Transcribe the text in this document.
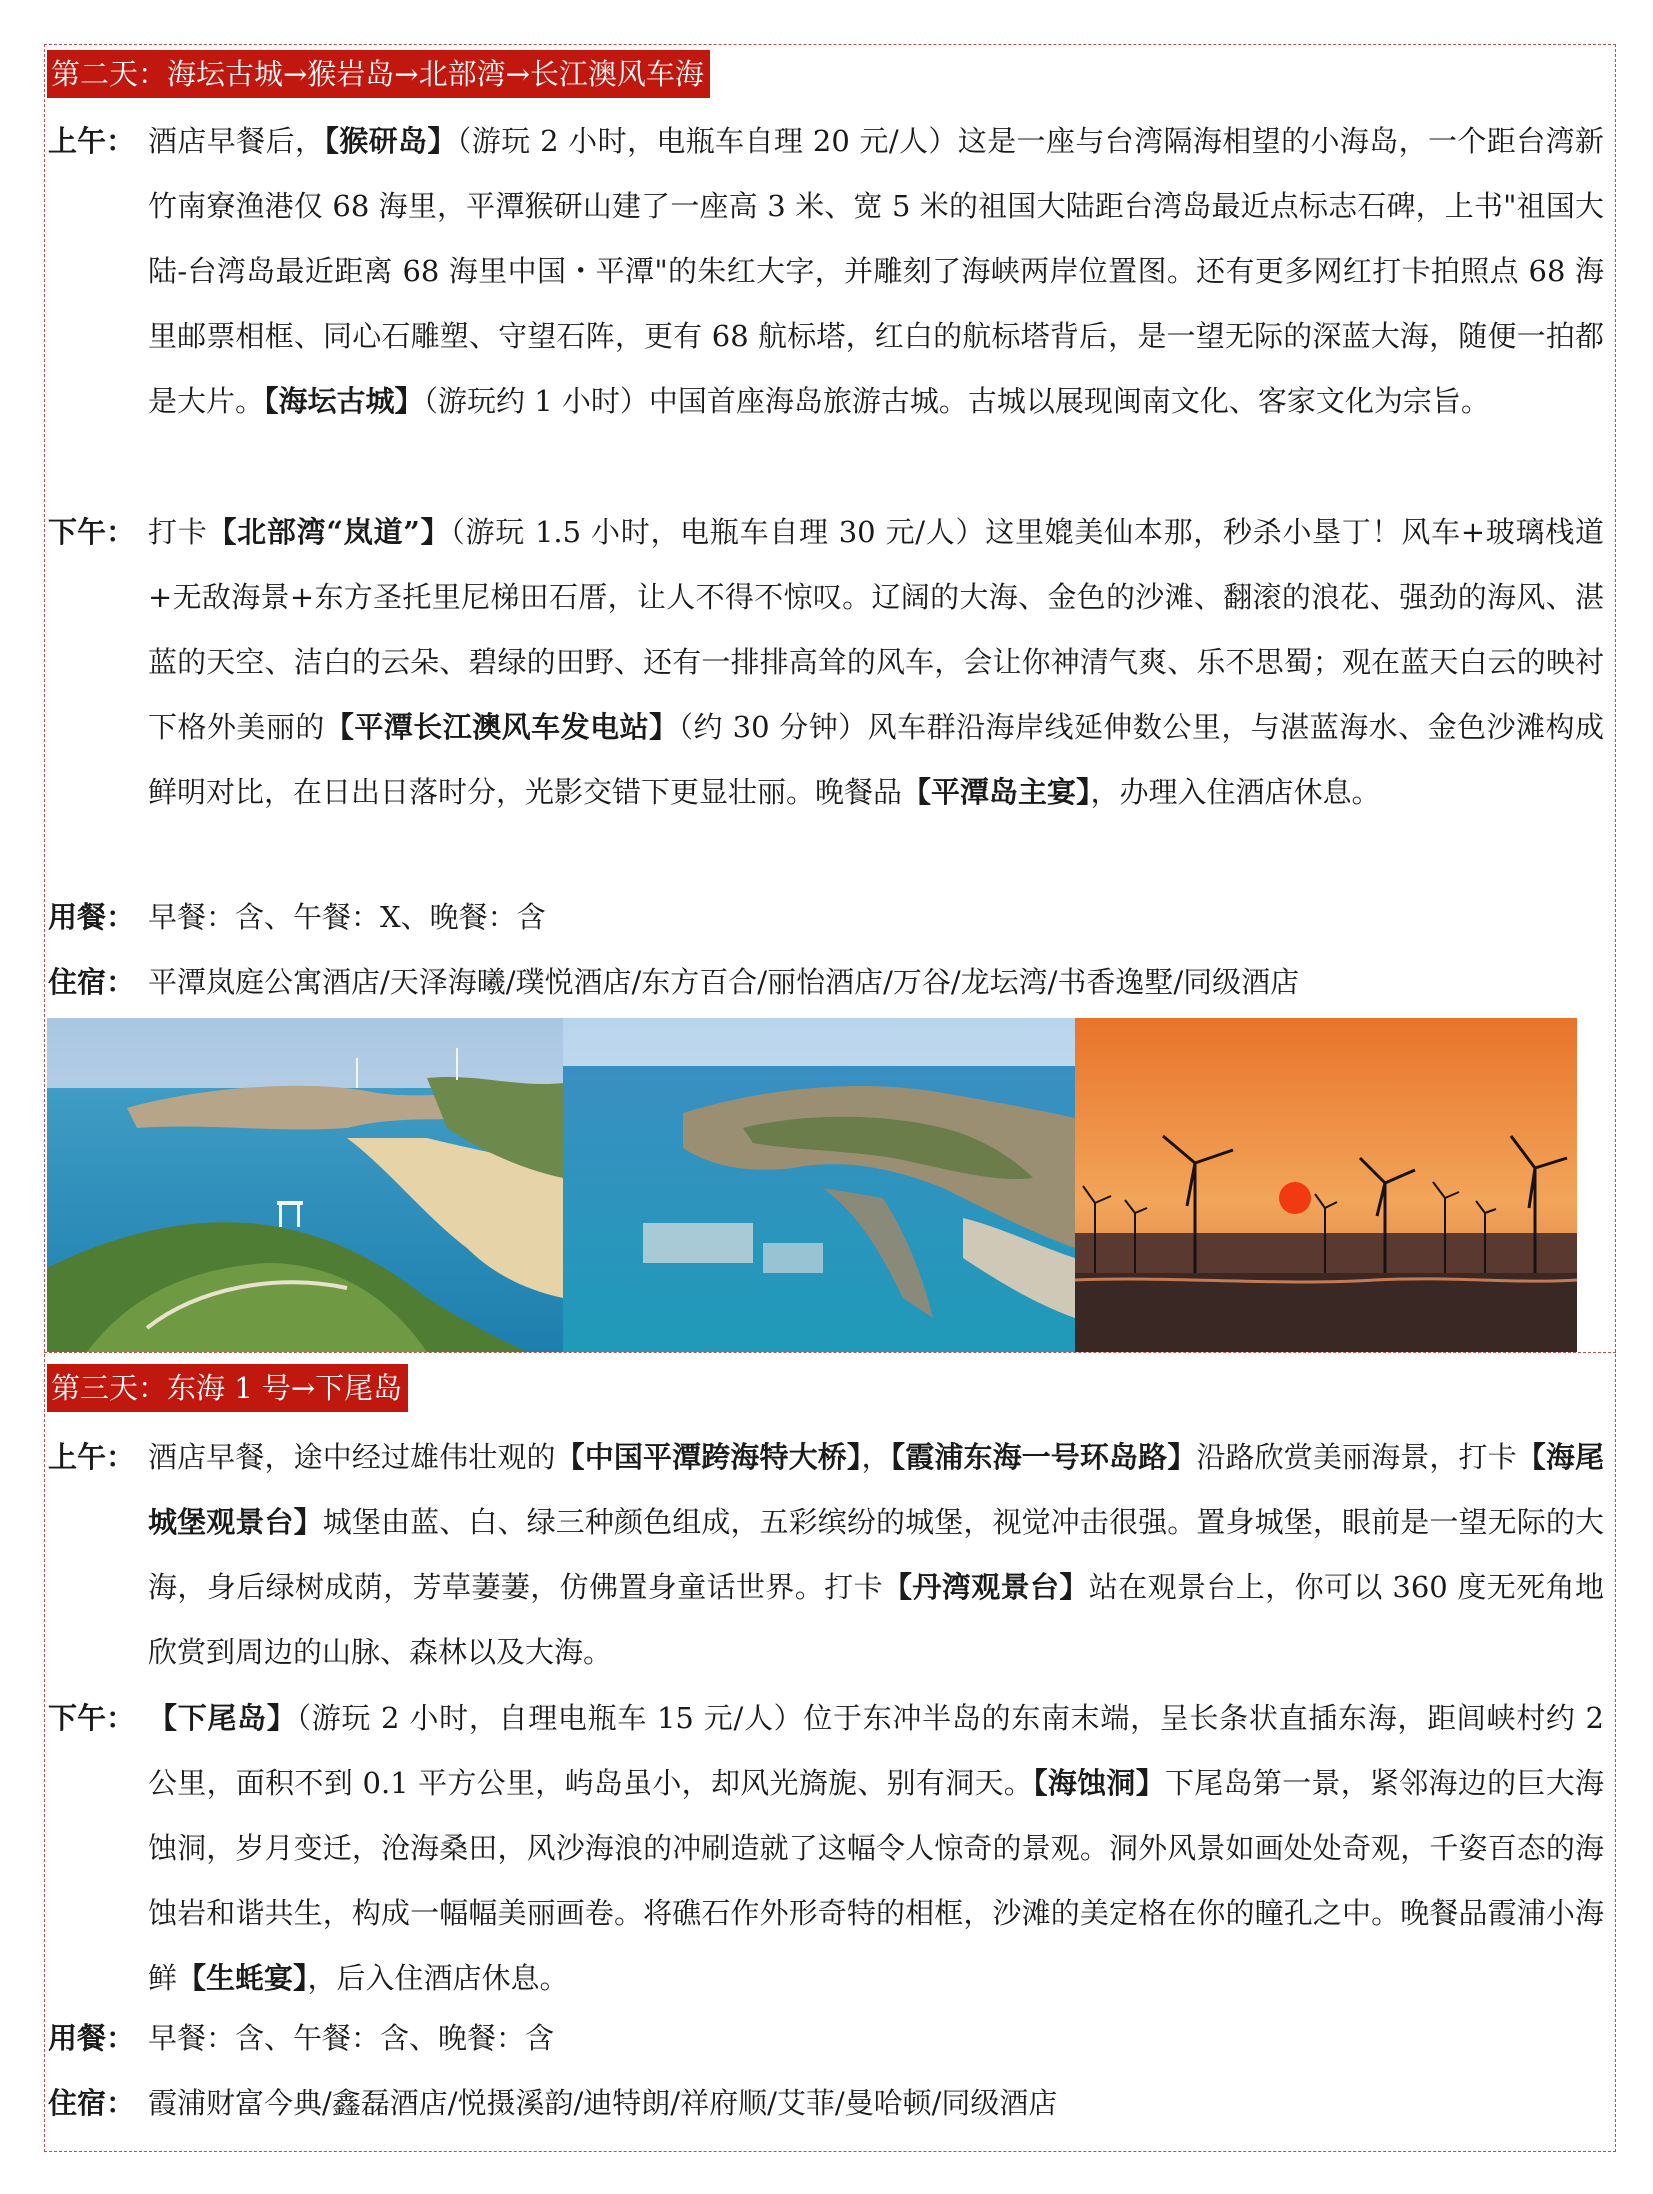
第二天：海坛古城→猴岩岛→北部湾→长江澳风车海
上午： 酒店早餐后，【猴研岛】（游玩 2 小时，电瓶车自理 20 元/人）这是一座与台湾隔海相望的小海岛，一个距台湾新竹南寮渔港仅 68 海里，平潭猴研山建了一座高 3 米、宽 5 米的祖国大陆距台湾岛最近点标志石碑，上书"祖国大陆-台湾岛最近距离 68 海里中国・平潭"的朱红大字，并雕刻了海峡两岸位置图。还有更多网红打卡拍照点 68 海里邮票相框、同心石雕塑、守望石阵，更有 68 航标塔，红白的航标塔背后，是一望无际的深蓝大海，随便一拍都是大片。【海坛古城】（游玩约 1 小时）中国首座海岛旅游古城。古城以展现闽南文化、客家文化为宗旨。
下午： 打卡【北部湾“岚道”】（游玩 1.5 小时，电瓶车自理 30 元/人）这里媲美仙本那，秒杀小垦丁！风车+玻璃栈道+无敌海景+东方圣托里尼梯田石厝，让人不得不惊叹。辽阔的大海、金色的沙滩、翻滚的浪花、强劲的海风、湛蓝的天空、洁白的云朵、碧绿的田野、还有一排排高耸的风车，会让你神清气爽、乐不思蜀；观在蓝天白云的映衬下格外美丽的【平潭长江澳风车发电站】（约 30 分钟）风车群沿海岸线延伸数公里，与湛蓝海水、金色沙滩构成鲜明对比，在日出日落时分，光影交错下更显壮丽。晚餐品【平潭岛主宴】，办理入住酒店休息。
用餐： 早餐：含、午餐：X、晚餐：含
住宿： 平潭岚庭公寓酒店/天泽海曦/璞悦酒店/东方百合/丽怡酒店/万谷/龙坛湾/书香逸墅/同级酒店
第三天：东海 1 号→下尾岛
上午： 酒店早餐，途中经过雄伟壮观的【中国平潭跨海特大桥】，【霞浦东海一号环岛路】沿路欣赏美丽海景，打卡【海尾城堡观景台】城堡由蓝、白、绿三种颜色组成，五彩缤纷的城堡，视觉冲击很强。置身城堡，眼前是一望无际的大海，身后绿树成荫，芳草萋萋，仿佛置身童话世界。打卡【丹湾观景台】站在观景台上，你可以 360 度无死角地欣赏到周边的山脉、森林以及大海。
下午： 【下尾岛】（游玩 2 小时，自理电瓶车 15 元/人）位于东冲半岛的东南末端，呈长条状直插东海，距闾峡村约 2 公里，面积不到 0.1 平方公里，屿岛虽小，却风光旖旎、别有洞天。【海蚀洞】下尾岛第一景，紧邻海边的巨大海蚀洞，岁月变迁，沧海桑田，风沙海浪的冲刷造就了这幅令人惊奇的景观。洞外风景如画处处奇观，千姿百态的海蚀岩和谐共生，构成一幅幅美丽画卷。将礁石作外形奇特的相框，沙滩的美定格在你的瞳孔之中。晚餐品霞浦小海鲜【生蚝宴】，后入住酒店休息。
用餐： 早餐：含、午餐：含、晚餐：含
住宿： 霞浦财富今典/鑫磊酒店/悦摄溪韵/迪特朗/祥府顺/艾菲/曼哈顿/同级酒店
